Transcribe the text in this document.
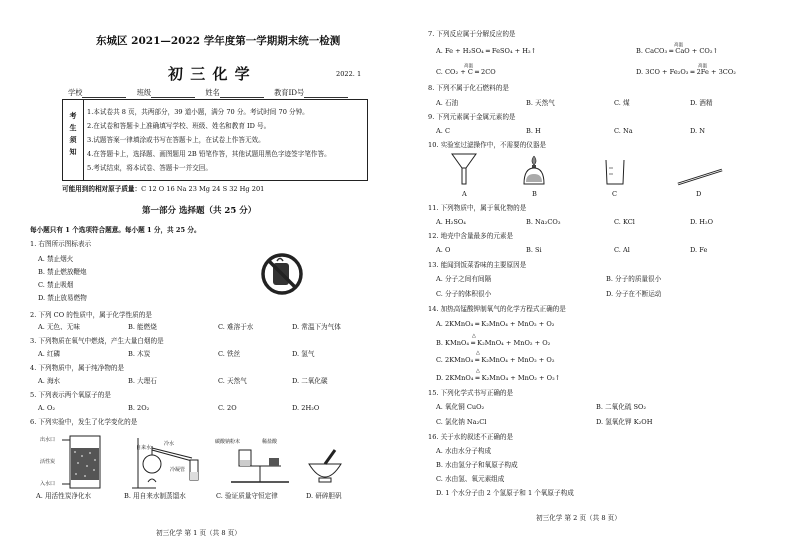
东城区 2021—2022 学年度第一学期期末统一检测
初 三 化 学	2022. 1
学校	班级	姓名	教育ID号
考
生
须
知
1.本试卷共 8 页，共两部分，39 道小题，满分 70 分。考试时间 70 分钟。
2.在试卷和答题卡上准确填写学校、班级、姓名和教育 ID 号。
3.试题答案一律填涂或书写在答题卡上，在试卷上作答无效。
4.在答题卡上，选择题、画图题用 2B 铅笔作答，其他试题用黑色字迹签字笔作答。
5.考试结束，将本试卷、答题卡一并交回。
可能用到的相对原子质量：C 12 O 16 Na 23 Mg 24 S 32 Hg 201
第一部分 选择题（共 25 分）
每小题只有 1 个选项符合题意。每小题 1 分，共 25 分。
1. 右图所示图标表示
A. 禁止烟火
B. 禁止燃放鞭炮
C. 禁止吸烟
D. 禁止放易燃物
2. 下列 CO 的性质中，属于化学性质的是
A. 无色、无味	B. 能燃烧	C. 难溶于水	D. 常温下为气体
3. 下列物质在氧气中燃烧，产生大量白烟的是
A. 红磷	B. 木炭	C. 铁丝	D. 氢气
4. 下列物质中，属于纯净物的是
A. 海水	B. 大理石	C. 天然气	D. 二氧化碳
5. 下列表示两个氧原子的是
A. O₂	B. 2O₂	C. 2O	D. 2H₂O
6. 下列实验中，发生了化学变化的是
出水口
活性炭
入水口
冷水
自来水
冷凝管
碳酸钠粉末	稀盐酸
A. 用活性炭净化水	B. 用自来水制蒸馏水	C. 验证质量守恒定律	D. 研碎胆矾
初三化学 第 1 页（共 8 页）
7. 下列反应属于分解反应的是
A. Fe + H₂SO₄ ═ FeSO₄ + H₂↑	B. CaCO₃ ═ CaO + CO₂↑
高温
C. CO₂ + C ═ 2CO
高温
D. 3CO + Fe₂O₃ ═ 2Fe + 3CO₂
高温
8. 下列不属于化石燃料的是
A. 石油	B. 天然气	C. 煤	D. 酒精
9. 下列元素属于金属元素的是
A. C	B. H	C. Na	D. N
10. 实验室过滤操作中，不需要的仪器是
A	B	C	D
11. 下列物质中，属于氧化物的是
A. H₂SO₄	B. Na₂CO₃	C. KCl	D. H₂O
12. 地壳中含量最多的元素是
A. O	B. Si	C. Al	D. Fe
13. 能闻到饭菜香味的主要原因是
A. 分子之间有间隔	B. 分子的质量很小
C. 分子的体积很小	D. 分子在不断运动
14. 加热高锰酸钾制氧气的化学方程式正确的是
A. 2KMnO₄ ═ K₂MnO₄ + MnO₂ + O₂
B. KMnO₄ ═ K₂MnO₄ + MnO₂ + O₂
△
C. 2KMnO₄ ═ K₂MnO₄ + MnO₂ + O₂
△
D. 2KMnO₄ ═ K₂MnO₄ + MnO₂ + O₂↑
△
15. 下列化学式书写正确的是
A. 氧化铜 CuO₂	B. 二氧化硫 SO₂
C. 氯化钠 Na₂Cl	D. 氢氧化钾 K₂OH
16. 关于水的叙述不正确的是
A. 水由水分子构成
B. 水由氢分子和氧原子构成
C. 水由氢、氧元素组成
D. 1 个水分子由 2 个氢原子和 1 个氧原子构成
初三化学 第 2 页（共 8 页）
